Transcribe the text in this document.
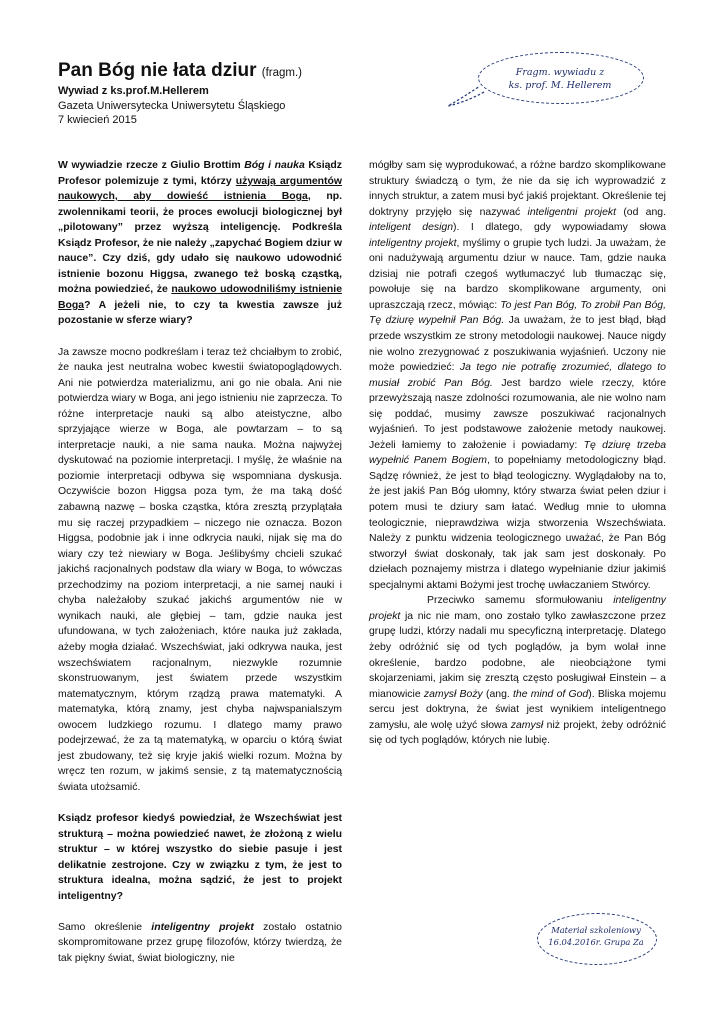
Pan Bóg nie łata dziur (fragm.)
Wywiad z ks.prof.M.Hellerem
Gazeta Uniwersytecka Uniwersytetu Śląskiego
7 kwiecień 2015
Fragm. wywiadu z
ks. prof. M. Hellerem

W wywiadzie rzecze z Giulio Brottim Bóg i nauka Ksiądz Profesor polemizuje z tymi, którzy używają argumentów naukowych, aby dowieść istnienia Boga, np. zwolennikami teorii, że proces ewolucji biologicznej był „pilotowany” przez wyższą inteligencję. Podkreśla Ksiądz Profesor, że nie należy „zapychać Bogiem dziur w nauce”. Czy dziś, gdy udało się naukowo udowodnić istnienie bozonu Higgsa, zwanego też boską cząstką, można powiedzieć, że naukowo udowodniliśmy istnienie Boga? A jeżeli nie, to czy ta kwestia zawsze już pozostanie w sferze wiary?

Ja zawsze mocno podkreślam i teraz też chciałbym to zrobić, że nauka jest neutralna wobec kwestii światopoglądowych. Ani nie potwierdza materializmu, ani go nie obala. Ani nie potwierdza wiary w Boga, ani jego istnieniu nie zaprzecza. To różne interpretacje nauki są albo ateistyczne, albo sprzyjające wierze w Boga, ale powtarzam – to są interpretacje nauki, a nie sama nauka. Można najwyżej dyskutować na poziomie interpretacji. I myślę, że właśnie na poziomie interpretacji odbywa się wspomniana dyskusja. Oczywiście bozon Higgsa poza tym, że ma taką dość zabawną nazwę – boska cząstka, która zresztą przyplątała mu się raczej przypadkiem – niczego nie oznacza. Bozon Higgsa, podobnie jak i inne odkrycia nauki, nijak się ma do wiary czy też niewiary w Boga. Jeślibyśmy chcieli szukać jakichś racjonalnych podstaw dla wiary w Boga, to wówczas przechodzimy na poziom interpretacji, a nie samej nauki i chyba należałoby szukać jakichś argumentów nie w wynikach nauki, ale głębiej – tam, gdzie nauka jest ufundowana, w tych założeniach, które nauka już zakłada, ażeby mogła działać. Wszechświat, jaki odkrywa nauka, jest wszechświatem racjonalnym, niezwykle rozumnie skonstruowanym, jest światem przede wszystkim matematycznym, którym rządzą prawa matematyki. A matematyka, którą znamy, jest chyba najwspanialszym owocem ludzkiego rozumu. I dlatego mamy prawo podejrzewać, że za tą matematyką, w oparciu o którą świat jest zbudowany, też się kryje jakiś wielki rozum. Można by wręcz ten rozum, w jakimś sensie, z tą matematycznością świata utożsamić.

Ksiądz profesor kiedyś powiedział, że Wszechświat jest strukturą – można powiedzieć nawet, że złożoną z wielu struktur – w której wszystko do siebie pasuje i jest delikatnie zestrojone. Czy w związku z tym, że jest to struktura idealna, można sądzić, że jest to projekt inteligentny?

Samo określenie inteligentny projekt zostało ostatnio skompromitowane przez grupę filozofów, którzy twierdzą, że tak piękny świat, świat biologiczny, nie

mógłby sam się wyprodukować, a różne bardzo skomplikowane struktury świadczą o tym, że nie da się ich wyprowadzić z innych struktur, a zatem musi być jakiś projektant. Określenie tej doktryny przyjęło się nazywać inteligentni projekt (od ang. inteligent design). I dlatego, gdy wypowiadamy słowa inteligentny projekt, myślimy o grupie tych ludzi. Ja uważam, że oni nadużywają argumentu dziur w nauce. Tam, gdzie nauka dzisiaj nie potrafi czegoś wytłumaczyć lub tłumacząc się, powołuje się na bardzo skomplikowane argumenty, oni upraszczają rzecz, mówiąc: To jest Pan Bóg, To zrobił Pan Bóg, Tę dziurę wypełnił Pan Bóg. Ja uważam, że to jest błąd, błąd przede wszystkim ze strony metodologii naukowej. Nauce nigdy nie wolno zrezygnować z poszukiwania wyjaśnień. Uczony nie może powiedzieć: Ja tego nie potrafię zrozumieć, dlatego to musiał zrobić Pan Bóg. Jest bardzo wiele rzeczy, które przewyższają nasze zdolności rozumowania, ale nie wolno nam się poddać, musimy zawsze poszukiwać racjonalnych wyjaśnień. To jest podstawowe założenie metody naukowej. Jeżeli łamiemy to założenie i powiadamy: Tę dziurę trzeba wypełnić Panem Bogiem, to popełniamy metodologiczny błąd. Sądzę również, że jest to błąd teologiczny. Wyglądałoby na to, że jest jakiś Pan Bóg ułomny, który stwarza świat pełen dziur i potem musi te dziury sam łatać. Według mnie to ułomna teologicznie, nieprawdziwa wizja stworzenia Wszechświata. Należy z punktu widzenia teologicznego uważać, że Pan Bóg stworzył świat doskonały, tak jak sam jest doskonały. Po dziełach poznajemy mistrza i dlatego wypełnianie dziur jakimiś specjalnymi aktami Bożymi jest trochę uwłaczaniem Stwórcy.

Przeciwko samemu sformułowaniu inteligentny projekt ja nic nie mam, ono zostało tylko zawłaszczone przez grupę ludzi, którzy nadali mu specyficzną interpretację. Dlatego żeby odróżnić się od tych poglądów, ja bym wolał inne określenie, bardzo podobne, ale nieobciążone tymi skojarzeniami, jakim się zresztą często posługiwał Einstein – a mianowicie zamysł Boży (ang. the mind of God). Bliska mojemu sercu jest doktryna, że świat jest wynikiem inteligentnego zamysłu, ale wolę użyć słowa zamysł niż projekt, żeby odróżnić się od tych poglądów, których nie lubię.

Materiał szkoleniowy
16.04.2016r. Grupa Za
